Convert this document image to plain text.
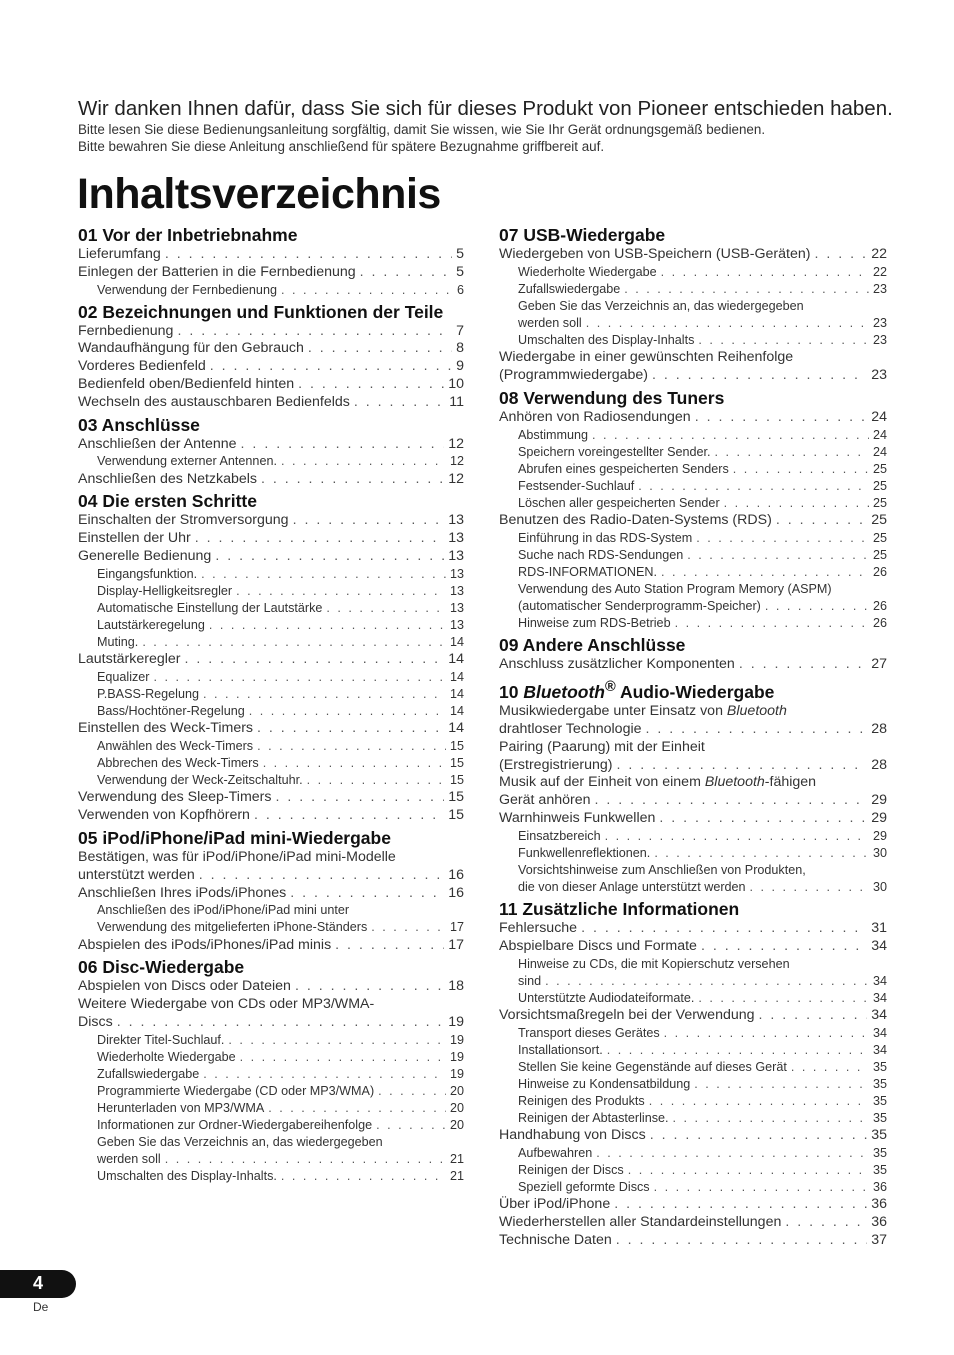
Wir danken Ihnen dafür, dass Sie sich für dieses Produkt von Pioneer entschieden haben.

Bitte lesen Sie diese Bedienungsanleitung sorgfältig, damit Sie wissen, wie Sie Ihr Gerät ordnungsgemäß bedienen.
Bitte bewahren Sie diese Anleitung anschließend für spätere Bezugnahme griffbereit auf.

Inhaltsverzeichnis
01 Vor der Inbetriebnahme
Lieferumfang . . .	5
Einlegen der Batterien in die Fernbedienung . . .	5
Verwendung der Fernbedienung . . .	6
02 Bezeichnungen und Funktionen der Teile
Fernbedienung . . .	7
Wandaufhängung für den Gebrauch . . .	8
Vorderes Bedienfeld . . .	9
Bedienfeld oben/Bedienfeld hinten . . .	10
Wechseln des austauschbaren Bedienfelds . . .	11
03 Anschlüsse
Anschließen der Antenne . . .	12
Verwendung externer Antennen. . . .	12
Anschließen des Netzkabels . . .	12
04 Die ersten Schritte
Einschalten der Stromversorgung . . .	13
Einstellen der Uhr . . .	13
Generelle Bedienung . . .	13
Eingangsfunktion. . . .	13
Display-Helligkeitsregler . . .	13
Automatische Einstellung der Lautstärke . . .	13
Lautstärkeregelung . . .	13
Muting. . . .	14
Lautstärkeregler . . .	14
Equalizer . . .	14
P.BASS-Regelung . . .	14
Bass/Hochtöner-Regelung . . .	14
Einstellen des Weck-Timers . . .	14
Anwählen des Weck-Timers . . .	15
Abbrechen des Weck-Timers . . .	15
Verwendung der Weck-Zeitschaltuhr. . . .	15
Verwendung des Sleep-Timers . . .	15
Verwenden von Kopfhörern . . .	15
05 iPod/iPhone/iPad mini-Wiedergabe
Bestätigen, was für iPod/iPhone/iPad mini-Modelle
unterstützt werden . . .	16
Anschließen Ihres iPods/iPhones . . .	16
Anschließen des iPod/iPhone/iPad mini unter
Verwendung des mitgelieferten iPhone-Ständers . . .	17
Abspielen des iPods/iPhones/iPad minis . . .	17
06 Disc-Wiedergabe
Abspielen von Discs oder Dateien . . .	18
Weitere Wiedergabe von CDs oder MP3/WMA-
Discs . . .	19
Direkter Titel-Suchlauf. . . .	19
Wiederholte Wiedergabe . . .	19
Zufallswiedergabe . . .	19
Programmierte Wiedergabe (CD oder MP3/WMA) . . .	20
Herunterladen von MP3/WMA . . .	20
Informationen zur Ordner-Wiedergabereihenfolge . . .	20
Geben Sie das Verzeichnis an, das wiedergegeben
werden soll . . .	21
Umschalten des Display-Inhalts. . . .	21
07 USB-Wiedergabe
Wiedergeben von USB-Speichern (USB-Geräten) . . .	22
Wiederholte Wiedergabe . . .	22
Zufallswiedergabe . . .	23
Geben Sie das Verzeichnis an, das wiedergegeben
werden soll . . .	23
Umschalten des Display-Inhalts . . .	23
Wiedergabe in einer gewünschten Reihenfolge
(Programmwiedergabe) . . .	23
08 Verwendung des Tuners
Anhören von Radiosendungen . . .	24
Abstimmung . . .	24
Speichern voreingestellter Sender. . . .	24
Abrufen eines gespeicherten Senders . . .	25
Festsender-Suchlauf . . .	25
Löschen aller gespeicherten Sender . . .	25
Benutzen des Radio-Daten-Systems (RDS) . . .	25
Einführung in das RDS-System . . .	25
Suche nach RDS-Sendungen . . .	25
RDS-INFORMATIONEN. . . .	26
Verwendung des Auto Station Program Memory (ASPM)
(automatischer Senderprogramm-Speicher) . . .	26
Hinweise zum RDS-Betrieb . . .	26
09 Andere Anschlüsse
Anschluss zusätzlicher Komponenten . . .	27
10 Bluetooth® Audio-Wiedergabe
Musikwiedergabe unter Einsatz von Bluetooth
drahtloser Technologie . . .	28
Pairing (Paarung) mit der Einheit
(Erstregistrierung) . . .	28
Musik auf der Einheit von einem Bluetooth-fähigen
Gerät anhören . . .	29
Warnhinweis Funkwellen . . .	29
Einsatzbereich . . .	29
Funkwellenreflektionen. . . .	30
Vorsichtshinweise zum Anschließen von Produkten,
die von dieser Anlage unterstützt werden . . .	30
11 Zusätzliche Informationen
Fehlersuche . . .	31
Abspielbare Discs und Formate . . .	34
Hinweise zu CDs, die mit Kopierschutz versehen
sind . . .	34
Unterstützte Audiodateiformate. . . .	34
Vorsichtsmaßregeln bei der Verwendung . . .	34
Transport dieses Gerätes . . .	34
Installationsort. . . .	34
Stellen Sie keine Gegenstände auf dieses Gerät . . .	35
Hinweise zu Kondensatbildung . . .	35
Reinigen des Produkts . . .	35
Reinigen der Abtasterlinse. . . .	35
Handhabung von Discs . . .	35
Aufbewahren . . .	35
Reinigen der Discs . . .	35
Speziell geformte Discs . . .	36
Über iPod/iPhone . . .	36
Wiederherstellen aller Standardeinstellungen . . .	36
Technische Daten . . .	37
4
De
